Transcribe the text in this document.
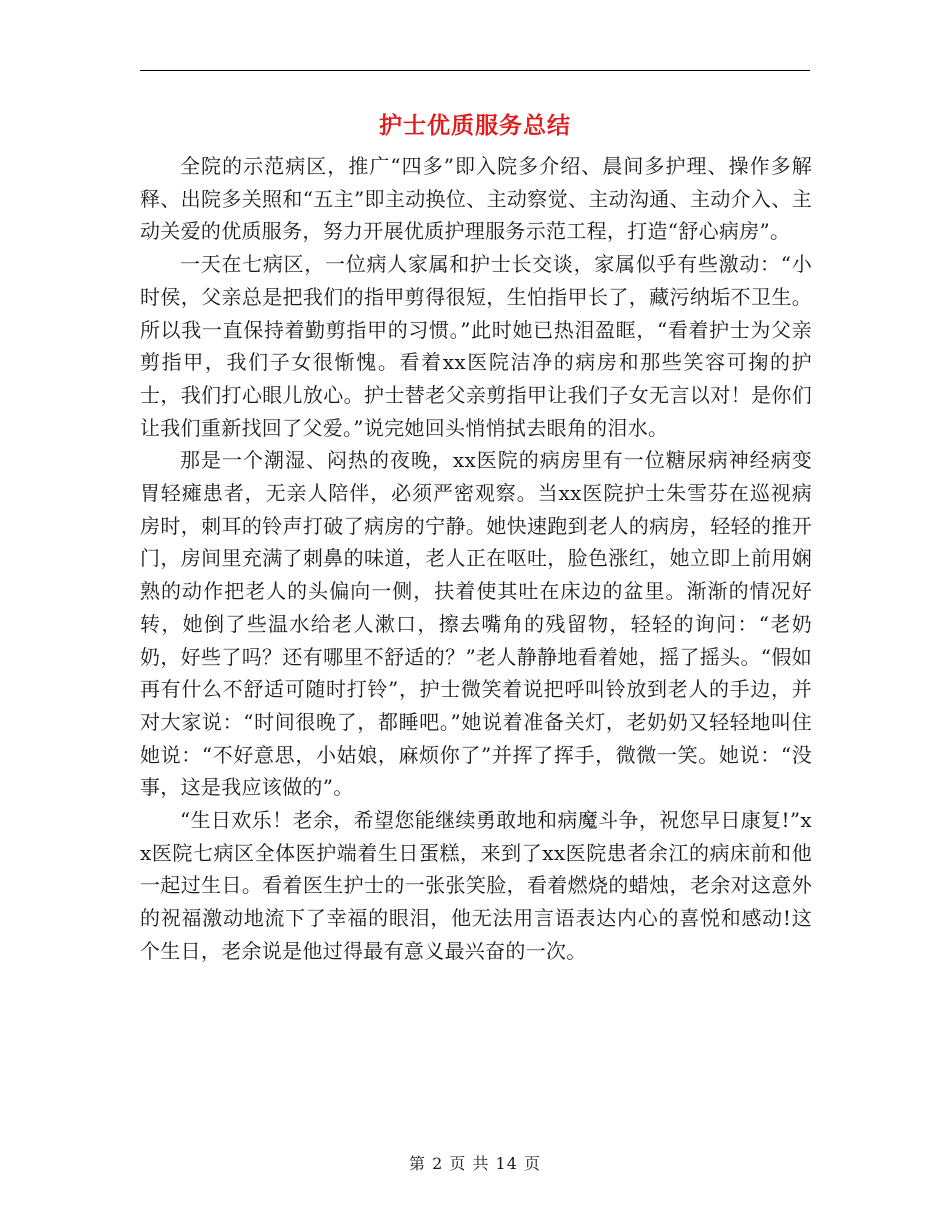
护士优质服务总结

全院的示范病区，推广“四多”即入院多介绍、晨间多护理、操作多解释、出院多关照和“五主”即主动换位、主动察觉、主动沟通、主动介入、主动关爱的优质服务，努力开展优质护理服务示范工程，打造“舒心病房”。

一天在七病区，一位病人家属和护士长交谈，家属似乎有些激动：“小时侯，父亲总是把我们的指甲剪得很短，生怕指甲长了，藏污纳垢不卫生。所以我一直保持着勤剪指甲的习惯。”此时她已热泪盈眶，“看着护士为父亲剪指甲，我们子女很惭愧。看着xx医院洁净的病房和那些笑容可掬的护士，我们打心眼儿放心。护士替老父亲剪指甲让我们子女无言以对！是你们让我们重新找回了父爱。”说完她回头悄悄拭去眼角的泪水。

那是一个潮湿、闷热的夜晚，xx医院的病房里有一位糖尿病神经病变胃轻瘫患者，无亲人陪伴，必须严密观察。当xx医院护士朱雪芬在巡视病房时，刺耳的铃声打破了病房的宁静。她快速跑到老人的病房，轻轻的推开门，房间里充满了刺鼻的味道，老人正在呕吐，脸色涨红，她立即上前用娴熟的动作把老人的头偏向一侧，扶着使其吐在床边的盆里。渐渐的情况好转，她倒了些温水给老人漱口，擦去嘴角的残留物，轻轻的询问：“老奶奶，好些了吗？还有哪里不舒适的？”老人静静地看着她，摇了摇头。“假如再有什么不舒适可随时打铃”，护士微笑着说把呼叫铃放到老人的手边，并对大家说：“时间很晚了，都睡吧。”她说着准备关灯，老奶奶又轻轻地叫住她说：“不好意思，小姑娘，麻烦你了”并挥了挥手，微微一笑。她说：“没事，这是我应该做的”。

“生日欢乐！老余，希望您能继续勇敢地和病魔斗争，祝您早日康复!”xx医院七病区全体医护端着生日蛋糕，来到了xx医院患者余江的病床前和他一起过生日。看着医生护士的一张张笑脸，看着燃烧的蜡烛，老余对这意外的祝福激动地流下了幸福的眼泪，他无法用言语表达内心的喜悦和感动!这个生日，老余说是他过得最有意义最兴奋的一次。

第 2 页 共 14 页
